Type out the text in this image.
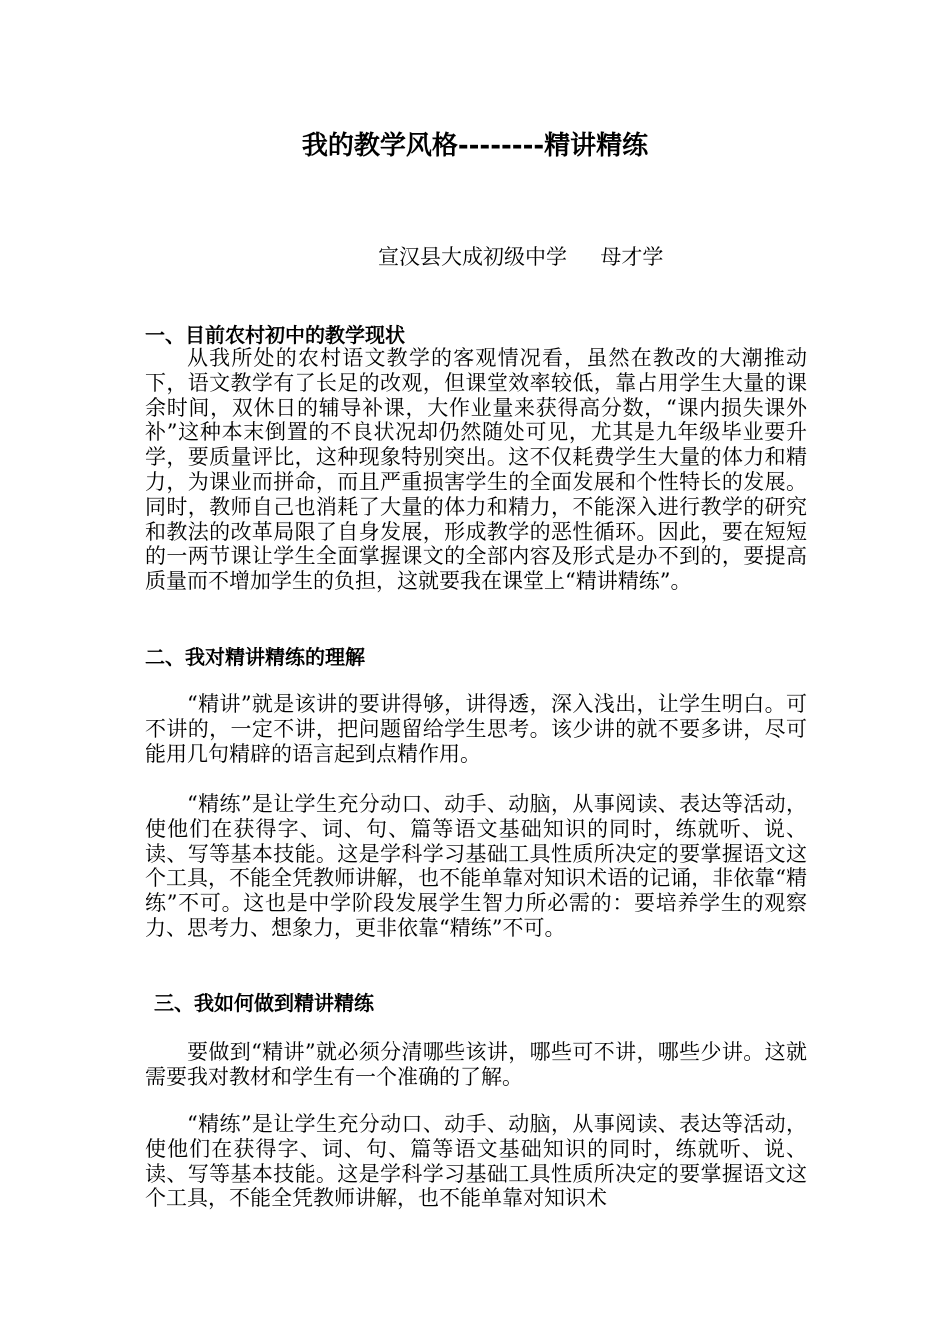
我的教学风格--------精讲精练

宣汉县大成初级中学     母才学

一、目前农村初中的教学现状

从我所处的农村语文教学的客观情况看，虽然在教改的大潮推动下，语文教学有了长足的改观，但课堂效率较低，靠占用学生大量的课余时间，双休日的辅导补课，大作业量来获得高分数，“课内损失课外补”这种本末倒置的不良状况却仍然随处可见，尤其是九年级毕业要升学，要质量评比，这种现象特别突出。这不仅耗费学生大量的体力和精力，为课业而拼命，而且严重损害学生的全面发展和个性特长的发展。同时，教师自己也消耗了大量的体力和精力，不能深入进行教学的研究和教法的改革局限了自身发展，形成教学的恶性循环。因此，要在短短的一两节课让学生全面掌握课文的全部内容及形式是办不到的，要提高质量而不增加学生的负担，这就要我在课堂上“精讲精练”。

二、我对精讲精练的理解

“精讲”就是该讲的要讲得够，讲得透，深入浅出，让学生明白。可不讲的，一定不讲，把问题留给学生思考。该少讲的就不要多讲，尽可能用几句精辟的语言起到点精作用。

“精练”是让学生充分动口、动手、动脑，从事阅读、表达等活动，使他们在获得字、词、句、篇等语文基础知识的同时，练就听、说、读、写等基本技能。这是学科学习基础工具性质所决定的要掌握语文这个工具，不能全凭教师讲解，也不能单靠对知识术语的记诵，非依靠“精练”不可。这也是中学阶段发展学生智力所必需的：要培养学生的观察力、思考力、想象力，更非依靠“精练”不可。

三、我如何做到精讲精练

要做到“精讲”就必须分清哪些该讲，哪些可不讲，哪些少讲。这就需要我对教材和学生有一个准确的了解。

“精练”是让学生充分动口、动手、动脑，从事阅读、表达等活动，使他们在获得字、词、句、篇等语文基础知识的同时，练就听、说、读、写等基本技能。这是学科学习基础工具性质所决定的要掌握语文这个工具，不能全凭教师讲解，也不能单靠对知识术
